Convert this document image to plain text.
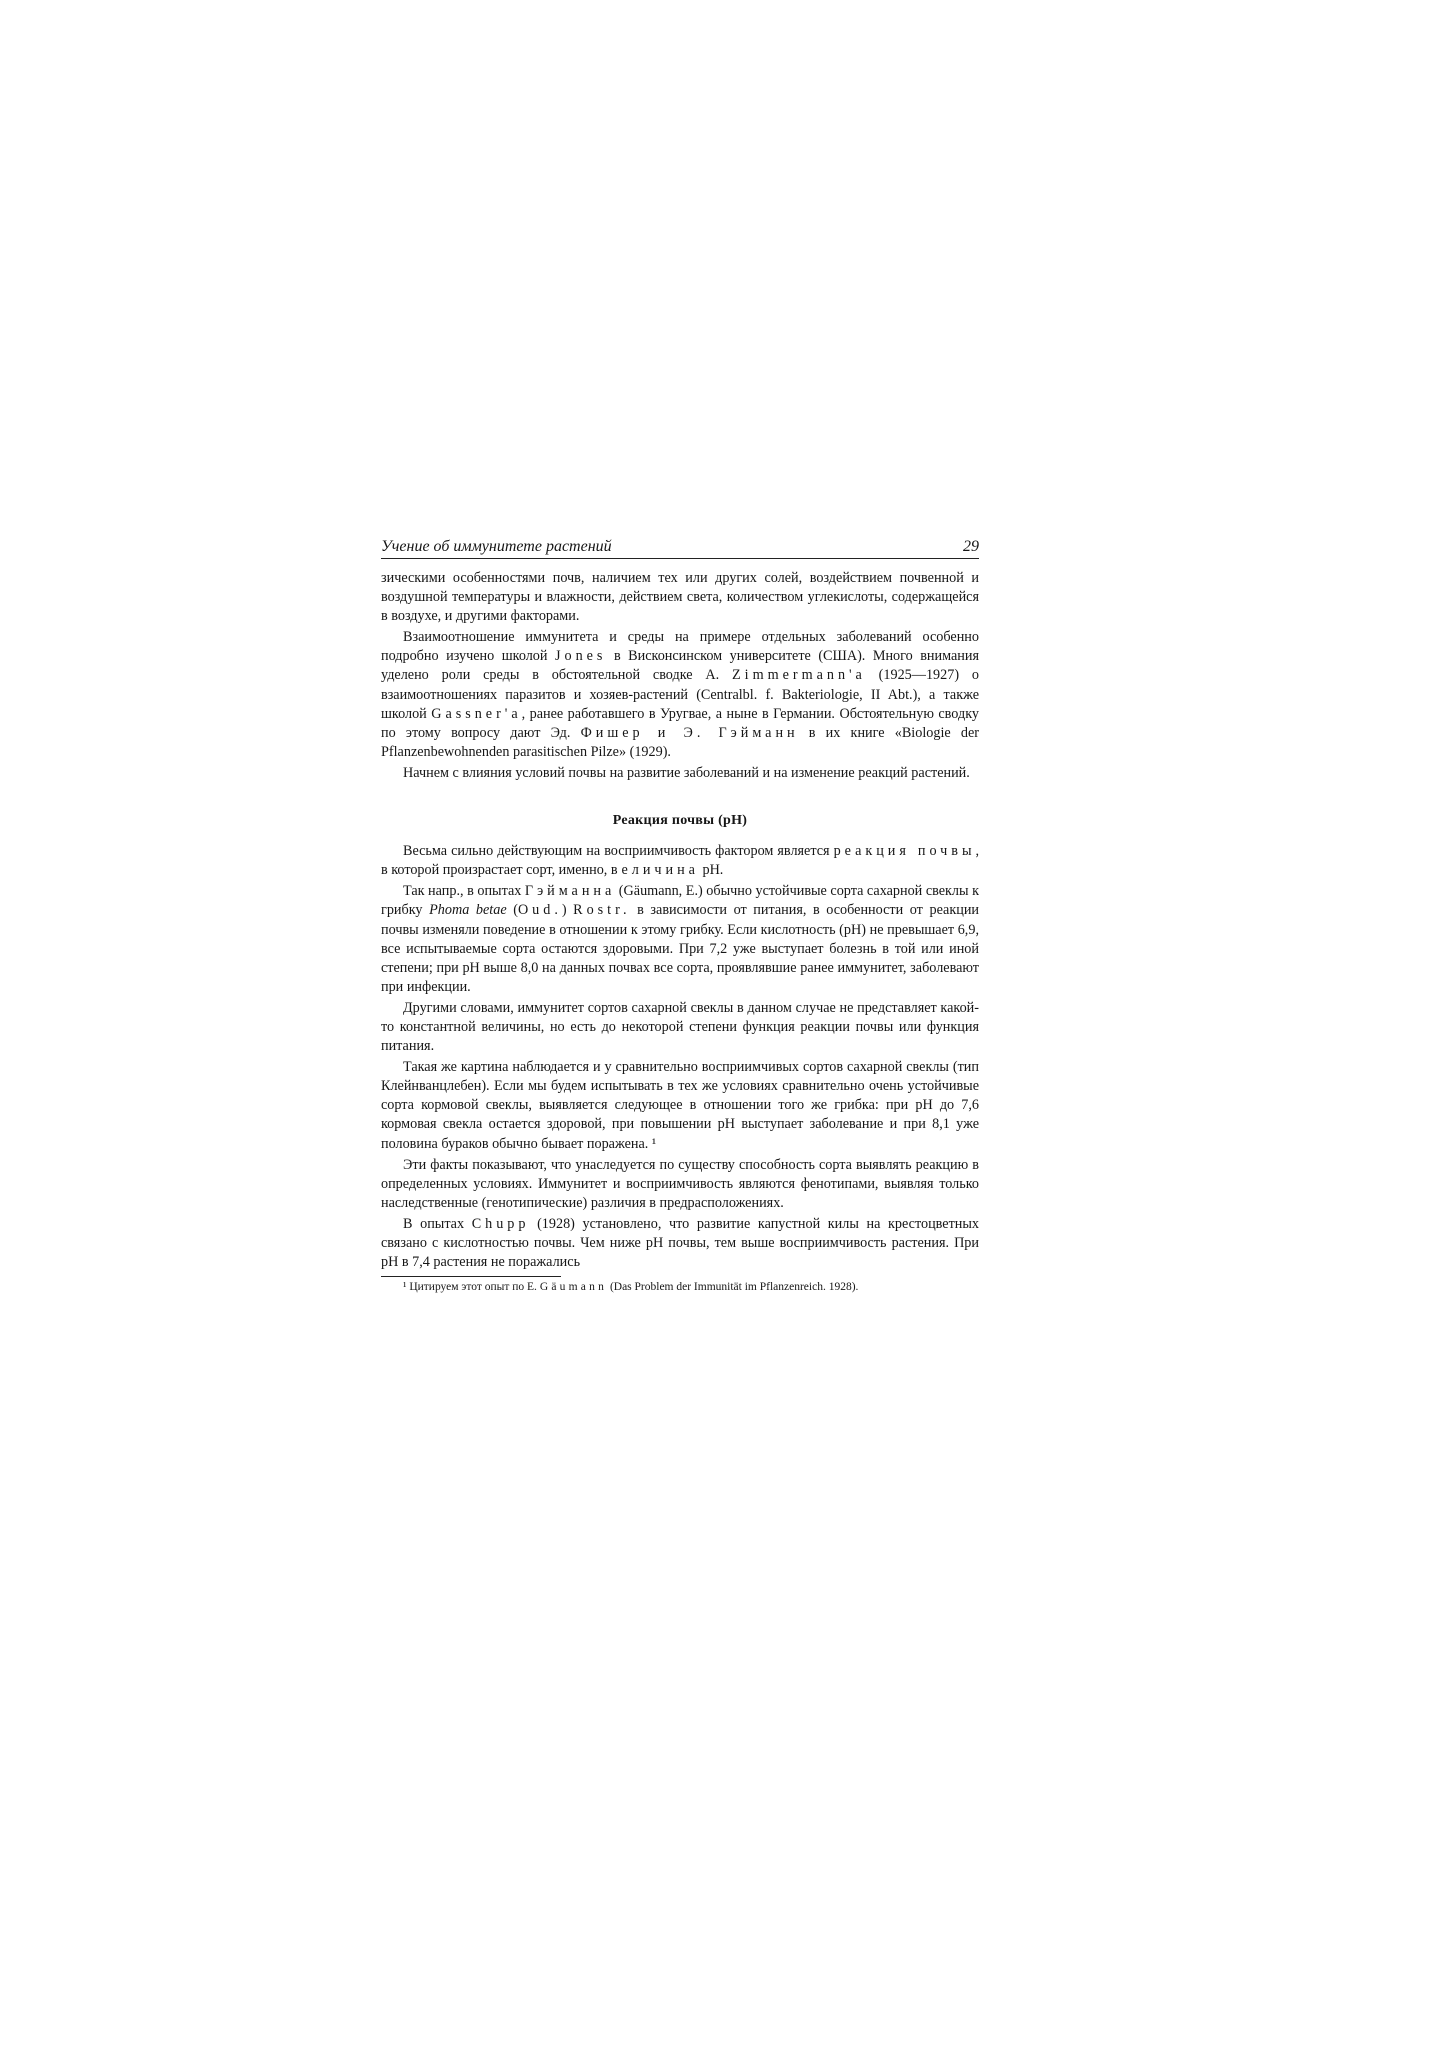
Учение об иммунитете растений	29

зическими особенностями почв, наличием тех или других солей, воздействием почвенной и воздушной температуры и влажности, действием света, количеством углекислоты, содержащейся в воздухе, и другими факторами.

Взаимоотношение иммунитета и среды на примере отдельных заболеваний особенно подробно изучено школой Jones в Висконсинском университете (США). Много внимания уделено роли среды в обстоятельной сводке А. Zimmermann'a (1925—1927) о взаимоотношениях паразитов и хозяев-растений (Centralbl. f. Bakteriologie, II Abt.), а также школой Gassner'a, ранее работавшего в Уругвае, а ныне в Германии. Обстоятельную сводку по этому вопросу дают Эд. Фишер и Э. Гэйманн в их книге «Biologie der Pflanzenbewohnenden parasitischen Pilze» (1929).

Начнем с влияния условий почвы на развитие заболеваний и на изменение реакций растений.

Реакция почвы (pH)

Весьма сильно действующим на восприимчивость фактором является реакция почвы, в которой произрастает сорт, именно, величина pH.

Так напр., в опытах Гэйманна (Gäumann, E.) обычно устойчивые сорта сахарной свеклы к грибку Phoma betae (Oud.) Rostr. в зависимости от питания, в особенности от реакции почвы изменяли поведение в отношении к этому грибку. Если кислотность (pH) не превышает 6,9, все испытываемые сорта остаются здоровыми. При 7,2 уже выступает болезнь в той или иной степени; при pH выше 8,0 на данных почвах все сорта, проявлявшие ранее иммунитет, заболевают при инфекции.

Другими словами, иммунитет сортов сахарной свеклы в данном случае не представляет какой-то константной величины, но есть до некоторой степени функция реакции почвы или функция питания.

Такая же картина наблюдается и у сравнительно восприимчивых сортов сахарной свеклы (тип Клейнванцлебен). Если мы будем испытывать в тех же условиях сравнительно очень устойчивые сорта кормовой свеклы, выявляется следующее в отношении того же грибка: при pH до 7,6 кормовая свекла остается здоровой, при повышении pH выступает заболевание и при 8,1 уже половина бураков обычно бывает поражена. ¹

Эти факты показывают, что унаследуется по существу способность сорта выявлять реакцию в определенных условиях. Иммунитет и восприимчивость являются фенотипами, выявляя только наследственные (генотипические) различия в предрасположениях.

В опытах Chupp (1928) установлено, что развитие капустной килы на крестоцветных связано с кислотностью почвы. Чем ниже pH почвы, тем выше восприимчивость растения. При pH в 7,4 растения не поражались

¹ Цитируем этот опыт по E. Gäumann (Das Problem der Immunität im Pflanzenreich. 1928).
